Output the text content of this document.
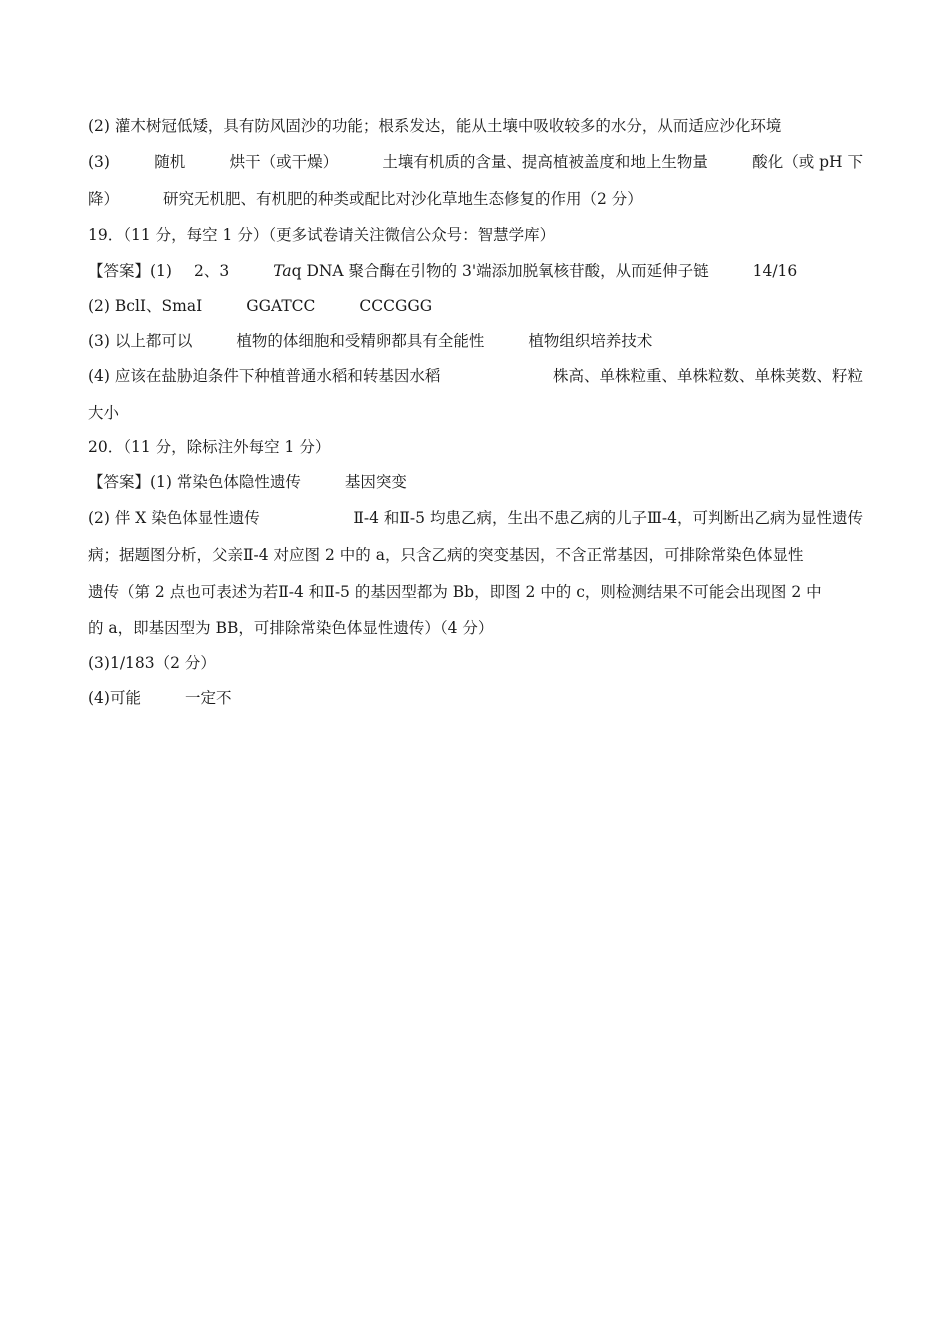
(2) 灌木树冠低矮，具有防风固沙的功能；根系发达，能从土壤中吸收较多的水分，从而适应沙化环境
(3)	随机	烘干（或干燥）	土壤有机质的含量、提高植被盖度和地上生物量	酸化（或 pH 下
降）	研究无机肥、有机肥的种类或配比对沙化草地生态修复的作用（2 分）
19．（11 分，每空 1 分）（更多试卷请关注微信公众号：智慧学库）
【答案】(1) 2、3	Taq DNA 聚合酶在引物的 3'端添加脱氧核苷酸，从而延伸子链	14/16
(2) BclI、SmaI	GGATCC	CCCGGG
(3) 以上都可以	植物的体细胞和受精卵都具有全能性	植物组织培养技术
(4) 应该在盐胁迫条件下种植普通水稻和转基因水稻	株高、单株粒重、单株粒数、单株荚数、籽粒
大小
20．（11 分，除标注外每空 1 分）
【答案】(1) 常染色体隐性遗传	基因突变
(2) 伴 X 染色体显性遗传	Ⅱ-4 和Ⅱ-5 均患乙病，生出不患乙病的儿子Ⅲ-4，可判断出乙病为显性遗传
病；据题图分析，父亲Ⅱ-4 对应图 2 中的 a，只含乙病的突变基因，不含正常基因，可排除常染色体显性
遗传（第 2 点也可表述为若Ⅱ-4 和Ⅱ-5 的基因型都为 Bb，即图 2 中的 c，则检测结果不可能会出现图 2 中
的 a，即基因型为 BB，可排除常染色体显性遗传）（4 分）
(3)1/183（2 分）
(4)可能	一定不
